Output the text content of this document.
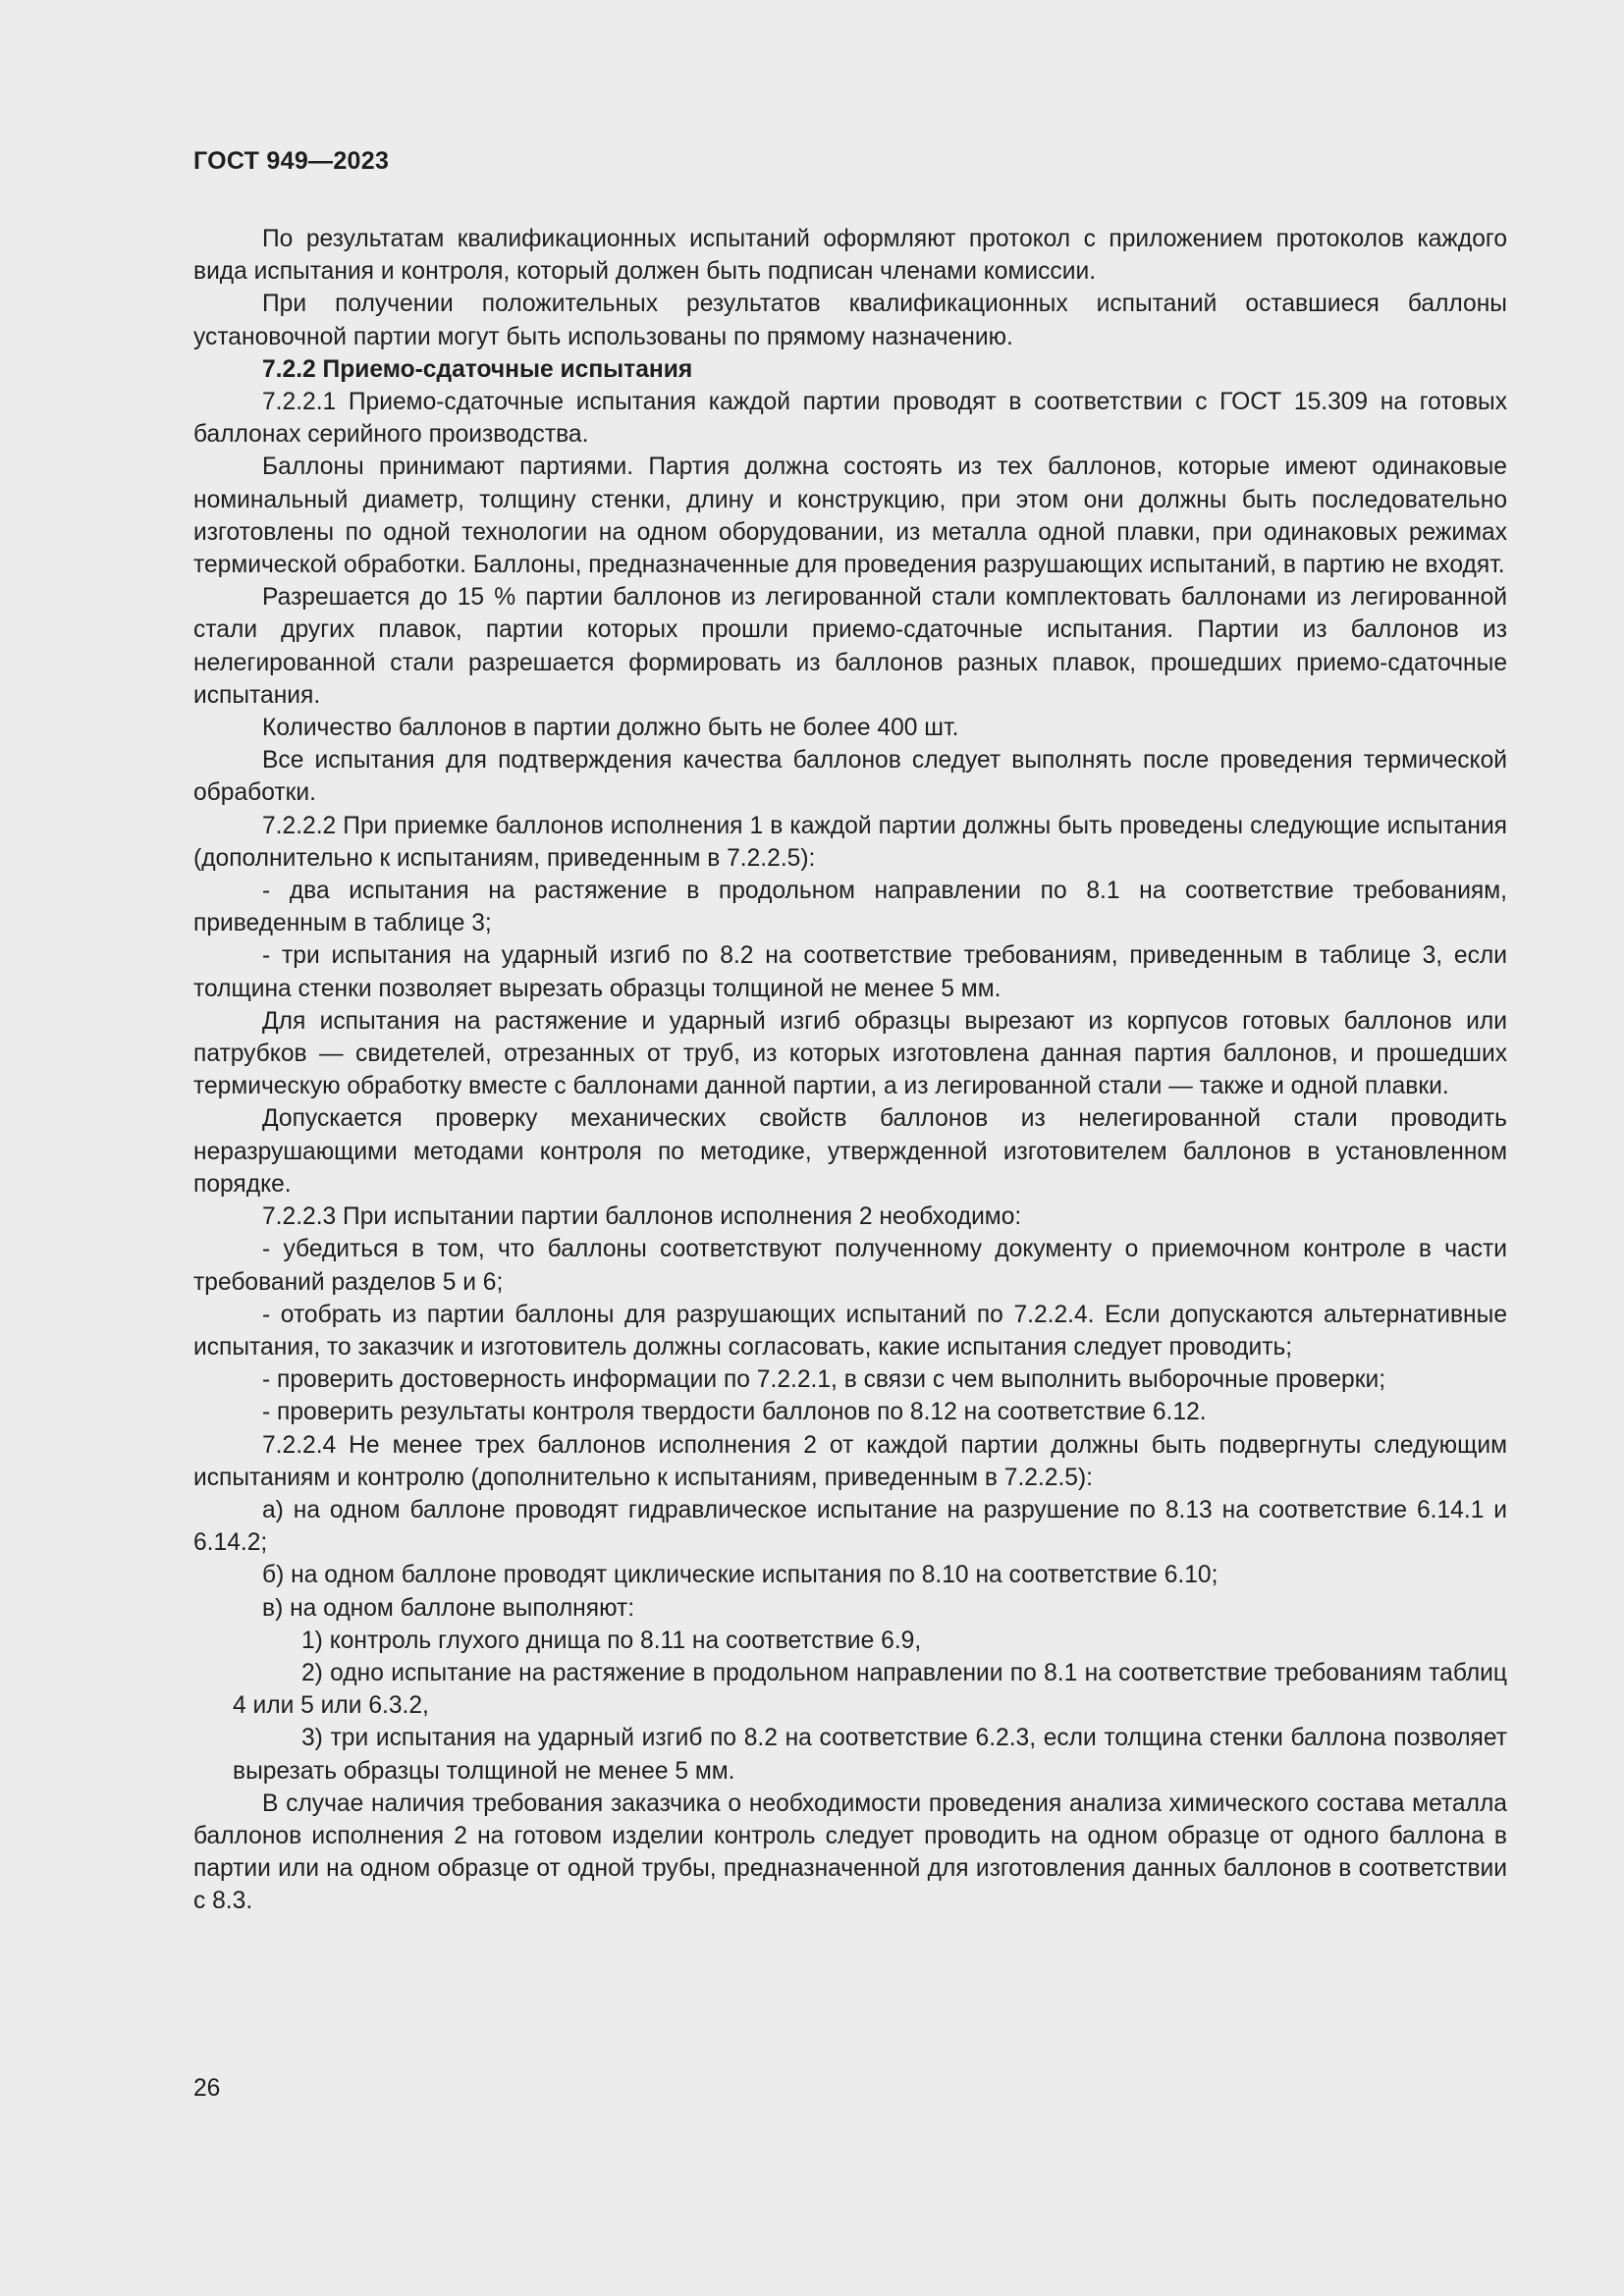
ГОСТ 949—2023

По результатам квалификационных испытаний оформляют протокол с приложением протоколов каждого вида испытания и контроля, который должен быть подписан членами комиссии.

При получении положительных результатов квалификационных испытаний оставшиеся баллоны установочной партии могут быть использованы по прямому назначению.

7.2.2 Приемо-сдаточные испытания

7.2.2.1 Приемо-сдаточные испытания каждой партии проводят в соответствии с ГОСТ 15.309 на готовых баллонах серийного производства.

Баллоны принимают партиями. Партия должна состоять из тех баллонов, которые имеют одинаковые номинальный диаметр, толщину стенки, длину и конструкцию, при этом они должны быть последовательно изготовлены по одной технологии на одном оборудовании, из металла одной плавки, при одинаковых режимах термической обработки. Баллоны, предназначенные для проведения разрушающих испытаний, в партию не входят.

Разрешается до 15 % партии баллонов из легированной стали комплектовать баллонами из легированной стали других плавок, партии которых прошли приемо-сдаточные испытания. Партии из баллонов из нелегированной стали разрешается формировать из баллонов разных плавок, прошедших приемо-сдаточные испытания.

Количество баллонов в партии должно быть не более 400 шт.

Все испытания для подтверждения качества баллонов следует выполнять после проведения термической обработки.

7.2.2.2 При приемке баллонов исполнения 1 в каждой партии должны быть проведены следующие испытания (дополнительно к испытаниям, приведенным в 7.2.2.5):

- два испытания на растяжение в продольном направлении по 8.1 на соответствие требованиям, приведенным в таблице 3;

- три испытания на ударный изгиб по 8.2 на соответствие требованиям, приведенным в таблице 3, если толщина стенки позволяет вырезать образцы толщиной не менее 5 мм.

Для испытания на растяжение и ударный изгиб образцы вырезают из корпусов готовых баллонов или патрубков — свидетелей, отрезанных от труб, из которых изготовлена данная партия баллонов, и прошедших термическую обработку вместе с баллонами данной партии, а из легированной стали — также и одной плавки.

Допускается проверку механических свойств баллонов из нелегированной стали проводить неразрушающими методами контроля по методике, утвержденной изготовителем баллонов в установленном порядке.

7.2.2.3 При испытании партии баллонов исполнения 2 необходимо:

- убедиться в том, что баллоны соответствуют полученному документу о приемочном контроле в части требований разделов 5 и 6;

- отобрать из партии баллоны для разрушающих испытаний по 7.2.2.4. Если допускаются альтернативные испытания, то заказчик и изготовитель должны согласовать, какие испытания следует проводить;

- проверить достоверность информации по 7.2.2.1, в связи с чем выполнить выборочные проверки;

- проверить результаты контроля твердости баллонов по 8.12 на соответствие 6.12.

7.2.2.4 Не менее трех баллонов исполнения 2 от каждой партии должны быть подвергнуты следующим испытаниям и контролю (дополнительно к испытаниям, приведенным в 7.2.2.5):

а) на одном баллоне проводят гидравлическое испытание на разрушение по 8.13 на соответствие 6.14.1 и 6.14.2;

б) на одном баллоне проводят циклические испытания по 8.10 на соответствие 6.10;

в) на одном баллоне выполняют:

1) контроль глухого днища по 8.11 на соответствие 6.9,

2) одно испытание на растяжение в продольном направлении по 8.1 на соответствие требованиям таблиц 4 или 5 или 6.3.2,

3) три испытания на ударный изгиб по 8.2 на соответствие 6.2.3, если толщина стенки баллона позволяет вырезать образцы толщиной не менее 5 мм.

В случае наличия требования заказчика о необходимости проведения анализа химического состава металла баллонов исполнения 2 на готовом изделии контроль следует проводить на одном образце от одного баллона в партии или на одном образце от одной трубы, предназначенной для изготовления данных баллонов в соответствии с 8.3.

26
